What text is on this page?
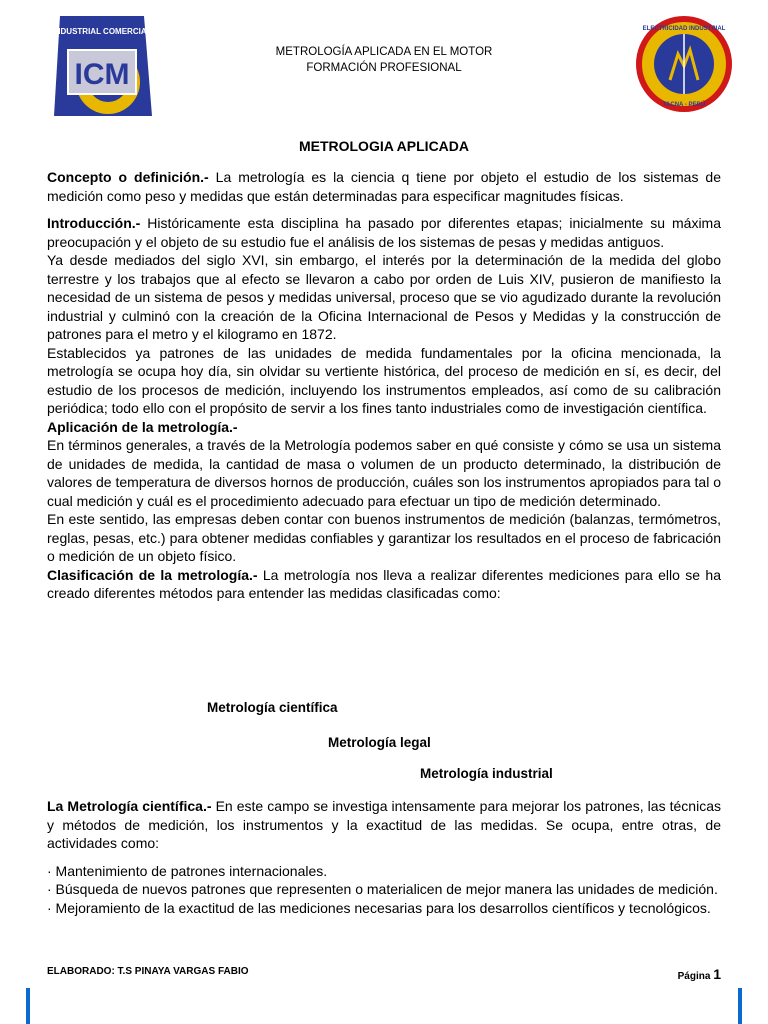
ICM
INDUSTRIAL COMERCIAL
METROLOGÍA APLICADA EN EL MOTOR
FORMACIÓN PROFESIONAL
ELECTRICIDAD INDUSTRIAL
TACNA - PERÚ
METROLOGIA APLICADA

Concepto o definición.- La metrología es la ciencia q tiene por objeto el estudio de los sistemas de medición como peso y medidas que están determinadas para especificar magnitudes físicas.

Introducción.- Históricamente esta disciplina ha pasado por diferentes etapas; inicialmente su máxima preocupación y el objeto de su estudio fue el análisis de los sistemas de pesas y medidas antiguos.

Ya desde mediados del siglo XVI, sin embargo, el interés por la determinación de la medida del globo terrestre y los trabajos que al efecto se llevaron a cabo por orden de Luis XIV, pusieron de manifiesto la necesidad de un sistema de pesos y medidas universal, proceso que se vio agudizado durante la revolución industrial y culminó con la creación de la Oficina Internacional de Pesos y Medidas y la construcción de patrones para el metro y el kilogramo en 1872.

Establecidos ya patrones de las unidades de medida fundamentales por la oficina mencionada, la metrología se ocupa hoy día, sin olvidar su vertiente histórica, del proceso de medición en sí, es decir, del estudio de los procesos de medición, incluyendo los instrumentos empleados, así como de su calibración periódica; todo ello con el propósito de servir a los fines tanto industriales como de investigación científica.

Aplicación de la metrología.-

En términos generales, a través de la Metrología podemos saber en qué consiste y cómo se usa un sistema de unidades de medida, la cantidad de masa o volumen de un producto determinado, la distribución de valores de temperatura de diversos hornos de producción, cuáles son los instrumentos apropiados para tal o cual medición y cuál es el procedimiento adecuado para efectuar un tipo de medición determinado.

En este sentido, las empresas deben contar con buenos instrumentos de medición (balanzas, termómetros, reglas, pesas, etc.) para obtener medidas confiables y garantizar los resultados en el proceso de fabricación o medición de un objeto físico.

Clasificación de la metrología.- La metrología nos lleva a realizar diferentes mediciones para ello se ha creado diferentes métodos para entender las medidas clasificadas como:

Metrología científica
Metrología legal
Metrología industrial

La Metrología científica.- En este campo se investiga intensamente para mejorar los patrones, las técnicas y métodos de medición, los instrumentos y la exactitud de las medidas. Se ocupa, entre otras, de actividades como:

· Mantenimiento de patrones internacionales.

· Búsqueda de nuevos patrones que representen o materialicen de mejor manera las unidades de medición.

· Mejoramiento de la exactitud de las mediciones necesarias para los desarrollos científicos y tecnológicos.

ELABORADO: T.S PINAYA VARGAS FABIO	Página 1
